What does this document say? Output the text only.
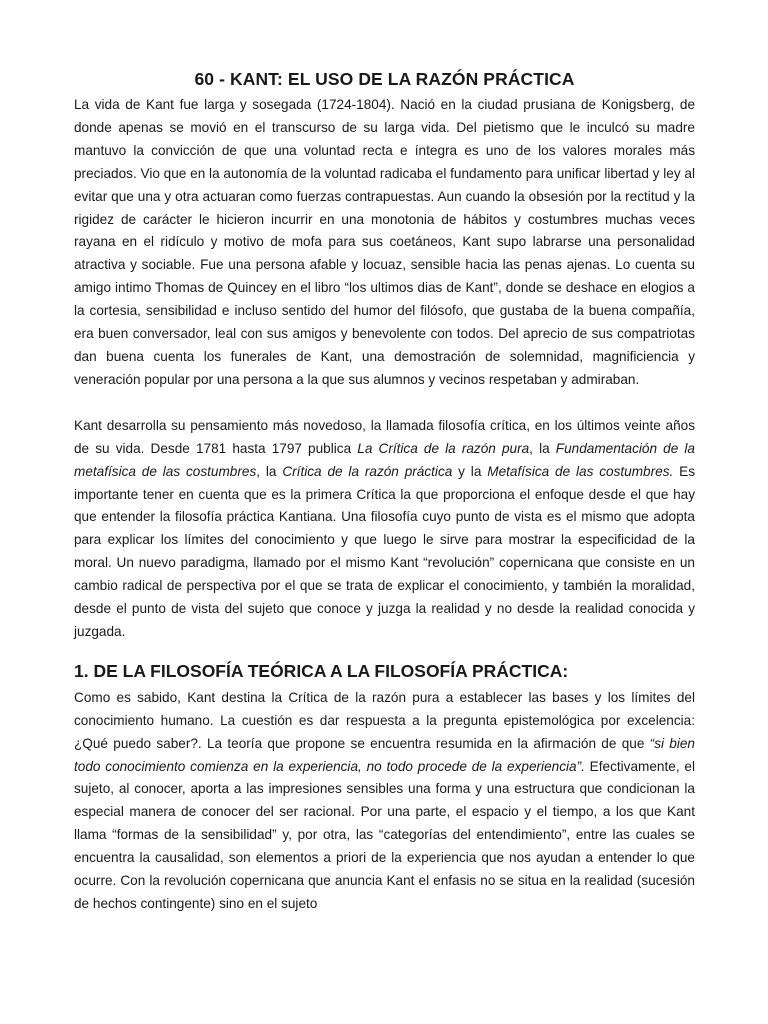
60 - KANT: EL USO DE LA RAZÓN PRÁCTICA

La vida de Kant fue larga y sosegada (1724-1804). Nació en la ciudad prusiana de Konigsberg, de donde apenas se movió en el transcurso de su larga vida. Del pietismo que le inculcó su madre mantuvo la convicción de que una voluntad recta e íntegra es uno de los valores morales más preciados. Vio que en la autonomía de la voluntad radicaba el fundamento para unificar libertad y ley al evitar que una y otra actuaran como fuerzas contrapuestas. Aun cuando la obsesión por la rectitud y la rigidez de carácter le hicieron incurrir en una monotonia de hábitos y costumbres muchas veces rayana en el ridículo y motivo de mofa para sus coetáneos, Kant supo labrarse una personalidad atractiva y sociable. Fue una persona afable y locuaz, sensible hacia las penas ajenas. Lo cuenta su amigo intimo Thomas de Quincey en el libro “los ultimos dias de Kant”, donde se deshace en elogios a la cortesia, sensibilidad e incluso sentido del humor del filósofo, que gustaba de la buena compañía, era buen conversador, leal con sus amigos y benevolente con todos. Del aprecio de sus compatriotas dan buena cuenta los funerales de Kant, una demostración de solemnidad, magnificiencia y veneración popular por una persona a la que sus alumnos y vecinos respetaban y admiraban.

Kant desarrolla su pensamiento más novedoso, la llamada filosofía crítica, en los últimos veinte años de su vida. Desde 1781 hasta 1797 publica La Crítica de la razón pura, la Fundamentación de la metafísica de las costumbres, la Crítica de la razón práctica y la Metafísica de las costumbres. Es importante tener en cuenta que es la primera Crítica la que proporciona el enfoque desde el que hay que entender la filosofía práctica Kantiana. Una filosofía cuyo punto de vista es el mismo que adopta para explicar los límites del conocimiento y que luego le sirve para mostrar la especificidad de la moral. Un nuevo paradigma, llamado por el mismo Kant “revolución” copernicana que consiste en un cambio radical de perspectiva por el que se trata de explicar el conocimiento, y también la moralidad, desde el punto de vista del sujeto que conoce y juzga la realidad y no desde la realidad conocida y juzgada.

1. DE LA FILOSOFÍA TEÓRICA A LA FILOSOFÍA PRÁCTICA:

Como es sabido, Kant destina la Crítica de la razón pura a establecer las bases y los límites del conocimiento humano. La cuestión es dar respuesta a la pregunta epistemológica por excelencia: ¿Qué puedo saber?. La teoría que propone se encuentra resumida en la afirmación de que “si bien todo conocimiento comienza en la experiencia, no todo procede de la experiencia”. Efectivamente, el sujeto, al conocer, aporta a las impresiones sensibles una forma y una estructura que condicionan la especial manera de conocer del ser racional. Por una parte, el espacio y el tiempo, a los que Kant llama “formas de la sensibilidad” y, por otra, las “categorías del entendimiento”, entre las cuales se encuentra la causalidad, son elementos a priori de la experiencia que nos ayudan a entender lo que ocurre. Con la revolución copernicana que anuncia Kant el enfasis no se situa en la realidad (sucesión de hechos contingente) sino en el sujeto
